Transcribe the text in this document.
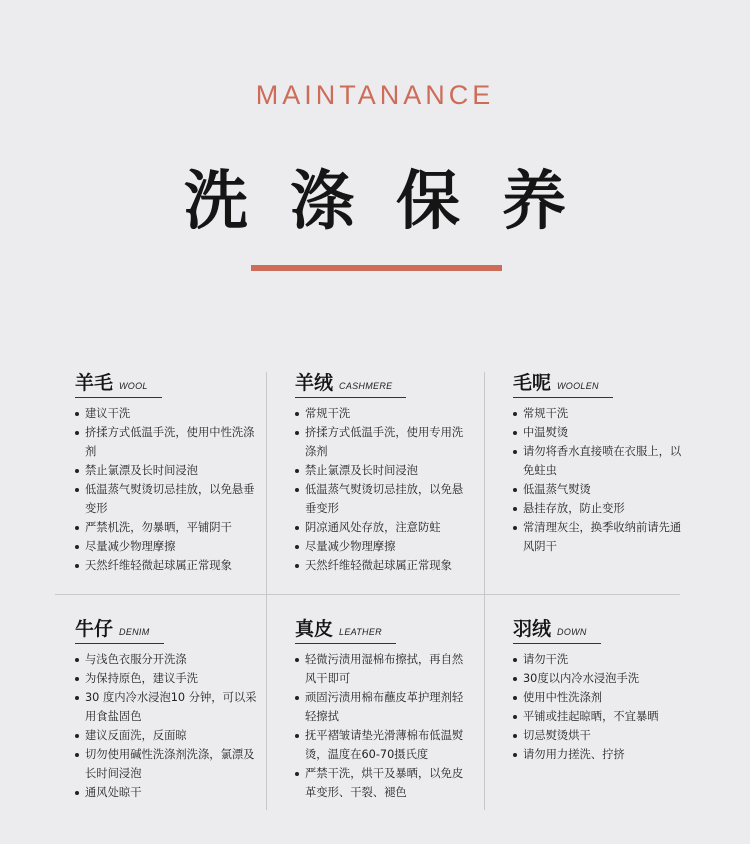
MAINTANANCE
洗涤保养
羊毛 WOOL
建议干洗
挤揉方式低温手洗，使用中性洗涤剂
禁止氯漂及长时间浸泡
低温蒸气熨烫切忌挂放，以免悬垂变形
严禁机洗，勿暴晒，平铺阴干
尽量减少物理摩擦
天然纤维轻微起球属正常现象
羊绒 CASHMERE
常规干洗
挤揉方式低温手洗，使用专用洗涤剂
禁止氯漂及长时间浸泡
低温蒸气熨烫切忌挂放，以免悬垂变形
阴凉通风处存放，注意防蛀
尽量减少物理摩擦
天然纤维轻微起球属正常现象
毛呢 WOOLEN
常规干洗
中温熨烫
请勿将香水直接喷在衣服上，以免蛀虫
低温蒸气熨烫
悬挂存放，防止变形
常清理灰尘，换季收纳前请先通风阴干
牛仔 DENIM
与浅色衣服分开洗涤
为保持原色，建议手洗
30 度内冷水浸泡10 分钟，可以采用食盐固色
建议反面洗，反面晾
切勿使用碱性洗涤剂洗涤，氯漂及长时间浸泡
通风处晾干
真皮 LEATHER
轻微污渍用湿棉布擦拭，再自然风干即可
顽固污渍用棉布蘸皮革护理剂轻轻擦拭
抚平褶皱请垫光滑薄棉布低温熨烫，温度在60-70摄氏度
严禁干洗，烘干及暴晒，以免皮革变形、干裂、褪色
羽绒 DOWN
请勿干洗
30度以内冷水浸泡手洗
使用中性洗涤剂
平铺或挂起晾晒，不宜暴晒
切忌熨烫烘干
请勿用力搓洗、拧挤
